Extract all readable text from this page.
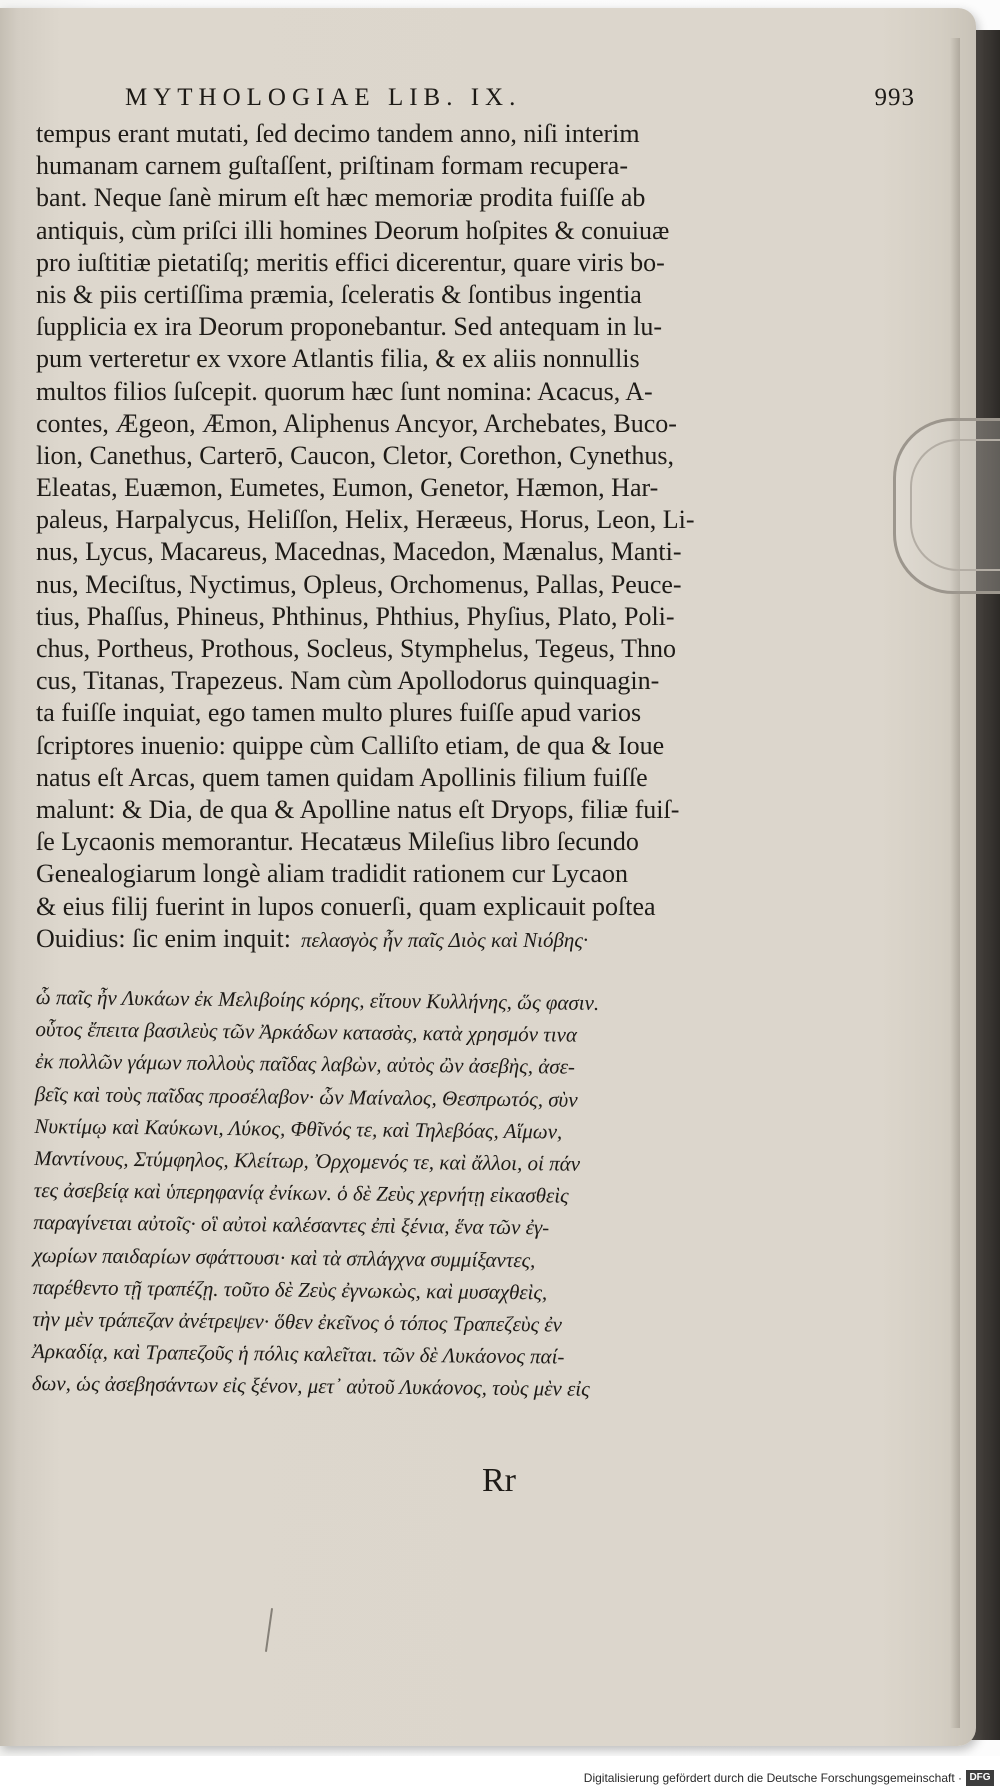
MYTHOLOGIAE LIB. IX.	993
tempus erant mutati, ſed decimo tandem anno, niſi interim
humanam carnem guſtaſſent, priſtinam formam recupera-
bant. Neque ſanè mirum eſt hæc memoriæ prodita fuiſſe ab
antiquis, cùm priſci illi homines Deorum hoſpites & conuiuæ
pro iuſtitiæ pietatiſq; meritis effici dicerentur, quare viris bo-
nis & piis certiſſima præmia, ſceleratis & ſontibus ingentia
ſupplicia ex ira Deorum proponebantur. Sed antequam in lu-
pum verteretur ex vxore Atlantis filia, & ex aliis nonnullis
multos filios ſuſcepit. quorum hæc ſunt nomina: Acacus, A-
contes, Ægeon, Æmon, Aliphenus Ancyor, Archebates, Buco-
lion, Canethus, Carterō, Caucon, Cletor, Corethon, Cynethus,
Eleatas, Euæmon, Eumetes, Eumon, Genetor, Hæmon, Har-
paleus, Harpalycus, Heliſſon, Helix, Heræeus, Horus, Leon, Li-
nus, Lycus, Macareus, Macednas, Macedon, Mænalus, Manti-
nus, Meciſtus, Nyctimus, Opleus, Orchomenus, Pallas, Peuce-
tius, Phaſſus, Phineus, Phthinus, Phthius, Phyſius, Plato, Poli-
chus, Portheus, Prothous, Socleus, Stymphelus, Tegeus, Thno
cus, Titanas, Trapezeus. Nam cùm Apollodorus quinquagin-
ta fuiſſe inquiat, ego tamen multo plures fuiſſe apud varios
ſcriptores inuenio: quippe cùm Calliſto etiam, de qua & Ioue
natus eſt Arcas, quem tamen quidam Apollinis filium fuiſſe
malunt: & Dia, de qua & Apolline natus eſt Dryops, filiæ fuiſ-
ſe Lycaonis memorantur. Hecatæus Mileſius libro ſecundo
Genealogiarum longè aliam tradidit rationem cur Lycaon
& eius filij fuerint in lupos conuerſi, quam explicauit poſtea
Ouidius: ſic enim inquit: πελασγὸς ἦν παῖς Διὸς καὶ Νιόβης·
ὧ παῖς ἦν Λυκάων ἐκ Μελιβοίης κόρης, εἴτουν Κυλλήνης, ὥς φασιν.
οὗτος ἔπειτα βασιλεὺς τῶν Ἀρκάδων κατασὰς, κατὰ χρησμόν τινα
ἐκ πολλῶν γάμων πολλοὺς παῖδας λαβὼν, αὐτὸς ὢν ἀσεβὴς, ἀσε-
βεῖς καὶ τοὺς παῖδας προσέλαβον· ὧν Μαίναλος, Θεσπρωτός, σὺν
Νυκτίμῳ καὶ Καύκωνι, Λύκος, Φθῖνός τε, καὶ Τηλεβόας, Αἵμων,
Μαντίνους, Στύμφηλος, Κλείτωρ, Ὀρχομενός τε, καὶ ἄλλοι, οἱ πάν
τες ἀσεβείᾳ καὶ ὑπερηφανίᾳ ἐνίκων. ὁ δὲ Ζεὺς χερνήτῃ εἰκασθεὶς
παραγίνεται αὐτοῖς· οἳ αὐτοὶ καλέσαντες ἐπὶ ξένια, ἕνα τῶν ἐγ-
χωρίων παιδαρίων σφάττουσι· καὶ τὰ σπλάγχνα συμμίξαντες,
παρέθεντο τῇ τραπέζῃ. τοῦτο δὲ Ζεὺς ἐγνωκὼς, καὶ μυσαχθεὶς,
τὴν μὲν τράπεζαν ἀνέτρεψεν· ὅθεν ἐκεῖνος ὁ τόπος Τραπεζεὺς ἐν
Ἀρκαδίᾳ, καὶ Τραπεζοῦς ἡ πόλις καλεῖται. τῶν δὲ Λυκάονος παί-
δων, ὡς ἀσεβησάντων εἰς ξένον, μετ᾽ αὐτοῦ Λυκάονος, τοὺς μὲν εἰς
Rr
Digitalisierung gefördert durch die Deutsche Forschungsgemeinschaft · DFG
